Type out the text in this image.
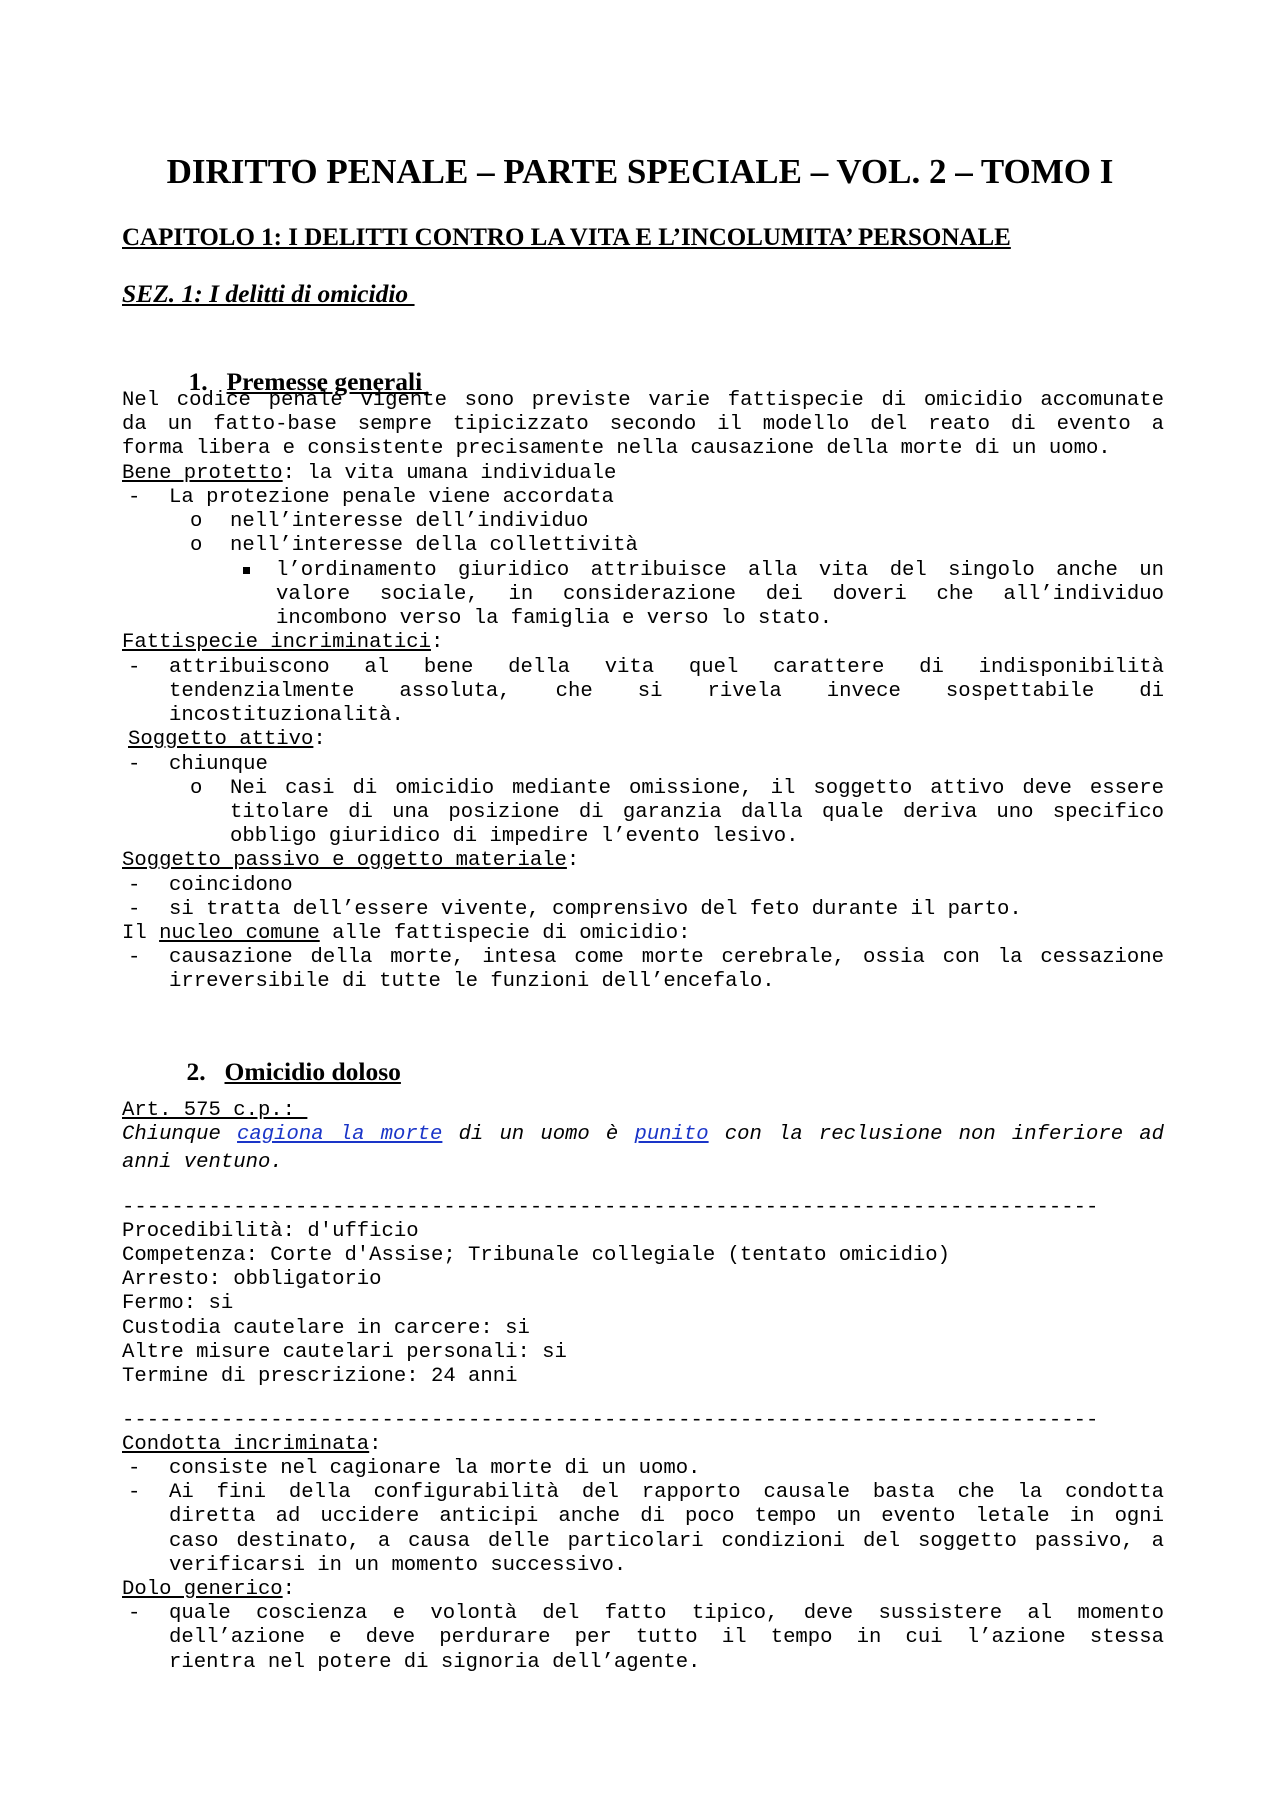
DIRITTO PENALE – PARTE SPECIALE – VOL. 2 – TOMO I
CAPITOLO 1: I DELITTI CONTRO LA VITA E L’INCOLUMITA’ PERSONALE
SEZ. 1: I delitti di omicidio

1. Premesse generali

Nel codice penale vigente sono previste varie fattispecie di omicidio accomunate
da un fatto-base sempre tipicizzato secondo il modello del reato di evento a
forma libera e consistente precisamente nella causazione della morte di un uomo.
Bene protetto: la vita umana individuale
- La protezione penale viene accordata
o nell’interesse dell’individuo
o nell’interesse della collettività
l’ordinamento giuridico attribuisce alla vita del singolo anche un
valore sociale, in considerazione dei doveri che all’individuo
incombono verso la famiglia e verso lo stato.
Fattispecie incriminatici:
- attribuiscono al bene della vita quel carattere di indisponibilità
tendenzialmente assoluta, che si rivela invece sospettabile di
incostituzionalità.
Soggetto attivo:
- chiunque
o Nei casi di omicidio mediante omissione, il soggetto attivo deve essere
titolare di una posizione di garanzia dalla quale deriva uno specifico
obbligo giuridico di impedire l’evento lesivo.
Soggetto passivo e oggetto materiale:
- coincidono
- si tratta dell’essere vivente, comprensivo del feto durante il parto.
Il nucleo comune alle fattispecie di omicidio:
- causazione della morte, intesa come morte cerebrale, ossia con la cessazione
irreversibile di tutte le funzioni dell’encefalo.

2. Omicidio doloso

Art. 575 c.p.:
Chiunque cagiona la morte di un uomo è punito con la reclusione non inferiore ad
anni ventuno.
-------------------------------------------------------------------------------
Procedibilità: d'ufficio
Competenza: Corte d'Assise; Tribunale collegiale (tentato omicidio)
Arresto: obbligatorio
Fermo: si
Custodia cautelare in carcere: si
Altre misure cautelari personali: si
Termine di prescrizione: 24 anni
-------------------------------------------------------------------------------
Condotta incriminata:
- consiste nel cagionare la morte di un uomo.
- Ai fini della configurabilità del rapporto causale basta che la condotta
diretta ad uccidere anticipi anche di poco tempo un evento letale in ogni
caso destinato, a causa delle particolari condizioni del soggetto passivo, a
verificarsi in un momento successivo.
Dolo generico:
- quale coscienza e volontà del fatto tipico, deve sussistere al momento
dell’azione e deve perdurare per tutto il tempo in cui l’azione stessa
rientra nel potere di signoria dell’agente.
